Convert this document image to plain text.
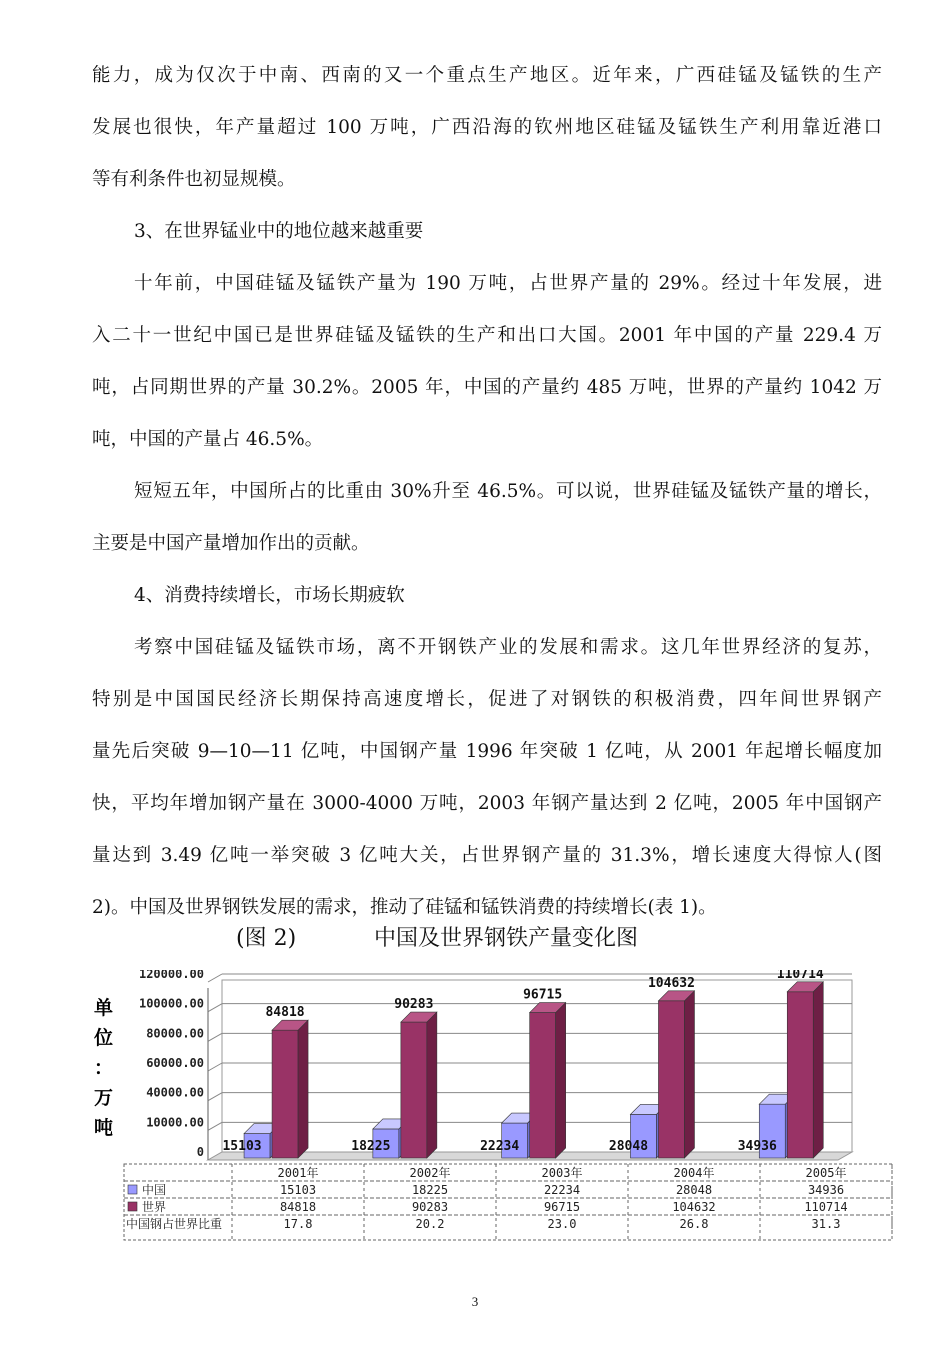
能力，成为仅次于中南、西南的又一个重点生产地区。近年来，广西硅锰及锰铁的生产
发展也很快，年产量超过 100 万吨，广西沿海的钦州地区硅锰及锰铁生产利用靠近港口
等有利条件也初显规模。
3、在世界锰业中的地位越来越重要
十年前，中国硅锰及锰铁产量为 190 万吨，占世界产量的 29%。经过十年发展，进
入二十一世纪中国已是世界硅锰及锰铁的生产和出口大国。2001 年中国的产量 229.4 万
吨，占同期世界的产量 30.2%。2005 年，中国的产量约 485 万吨，世界的产量约 1042 万
吨，中国的产量占 46.5%。
短短五年，中国所占的比重由 30%升至 46.5%。可以说，世界硅锰及锰铁产量的增长，
主要是中国产量增加作出的贡献。
4、消费持续增长，市场长期疲软
考察中国硅锰及锰铁市场，离不开钢铁产业的发展和需求。这几年世界经济的复苏，
特别是中国国民经济长期保持高速度增长，促进了对钢铁的积极消费，四年间世界钢产
量先后突破 9—10—11 亿吨，中国钢产量 1996 年突破 1 亿吨，从 2001 年起增长幅度加
快，平均年增加钢产量在 3000-4000 万吨，2003 年钢产量达到 2 亿吨，2005 年中国钢产
量达到 3.49 亿吨一举突破 3 亿吨大关，占世界钢产量的 31.3%，增长速度大得惊人(图
2)。中国及世界钢铁发展的需求，推动了硅锰和锰铁消费的持续增长(表 1)。
(图 2)	中国及世界钢铁产量变化图
0
10000.00
40000.00
60000.00
80000.00
100000.00
120000.00
单
位
：
万
吨
15103
84818
18225
90283
22234
96715
28048
104632
34936
110714
2001年	2002年	2003年	2004年	2005年
中国	15103	18225	22234	28048	34936
世界	84818	90283	96715	104632	110714
中国钢占世界比重	17.8	20.2	23.0	26.8	31.3
3
